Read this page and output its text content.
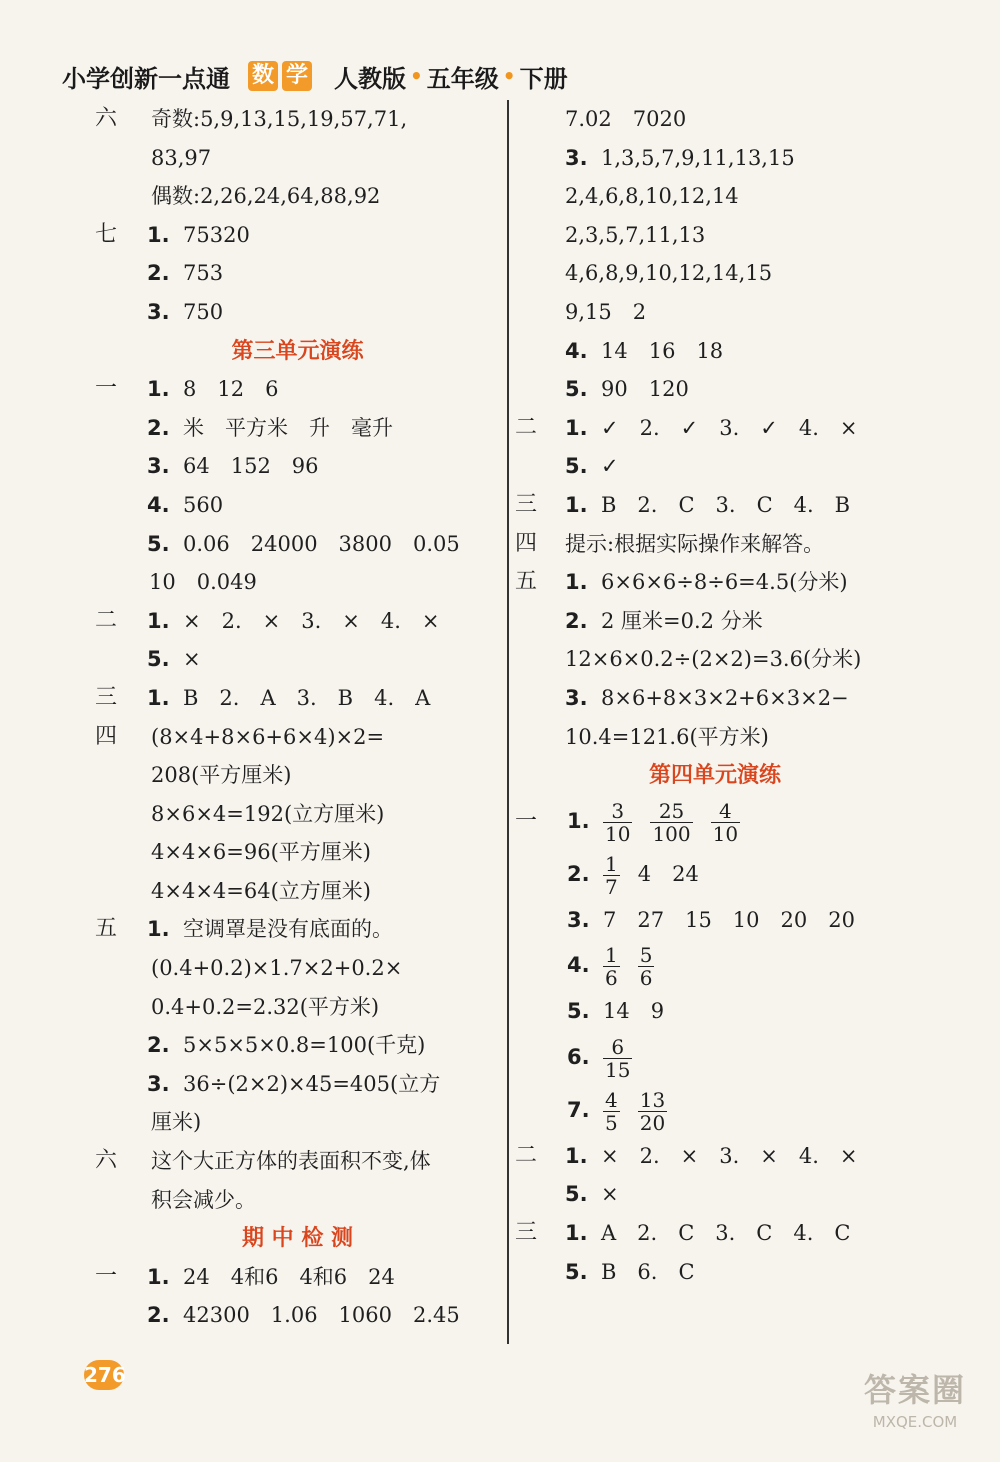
小学创新一点通 数 学 人教版 • 五年级 • 下册
六 奇数:5,9,13,15,19,57,71,
83,97
偶数:2,26,24,64,88,92
七 1. 75320
2. 753
3. 750
第三单元演练
一 1. 8　12　6
2. 米　平方米　升　毫升
3. 64　152　96
4. 560
5. 0.06　24000　3800　0.05
10　0.049
二 1. ×　2.　×　3.　×　4.　×
5. ×
三 1. B　2.　A　3.　B　4.　A
四 (8×4+8×6+6×4)×2=
208(平方厘米)
8×6×4=192(立方厘米)
4×4×6=96(平方厘米)
4×4×4=64(立方厘米)
五 1. 空调罩是没有底面的。
(0.4+0.2)×1.7×2+0.2×
0.4+0.2=2.32(平方米)
2. 5×5×5×0.8=100(千克)
3. 36÷(2×2)×45=405(立方
厘米)
六 这个大正方体的表面积不变,体
积会减少。
期 中 检 测
一 1. 24　4和6　4和6　24
2. 42300　1.06　1060　2.45
7.02　7020
3. 1,3,5,7,9,11,13,15
2,4,6,8,10,12,14
2,3,5,7,11,13
4,6,8,9,10,12,14,15
9,15　2
4. 14　16　18
5. 90　120
二 1. ✓　2.　✓　3.　✓　4.　×
5. ✓
三 1. B　2.　C　3.　C　4.　B
四 提示:根据实际操作来解答。
五 1. 6×6×6÷8÷6=4.5(分米)
2. 2 厘米=0.2 分米
12×6×0.2÷(2×2)=3.6(分米)
3. 8×6+8×3×2+6×3×2−
10.4=121.6(平方米)
第四单元演练
一 1. $\frac{3}{10} \frac{25}{100} \frac{4}{10}$
2. $\frac{1}{7} 4$　24
3. 7　27　15　10　20　20
4. $\frac{1}{6} \frac{5}{6}$
5. 14　9
6. $\frac{6}{15}$
7. $\frac{4}{5} \frac{13}{20}$
二 1. ×　2.　×　3.　×　4.　×
5. ×
三 1. A　2.　C　3.　C　4.　C
5. B　6.　C
276	答案圈
MXQE.COM
